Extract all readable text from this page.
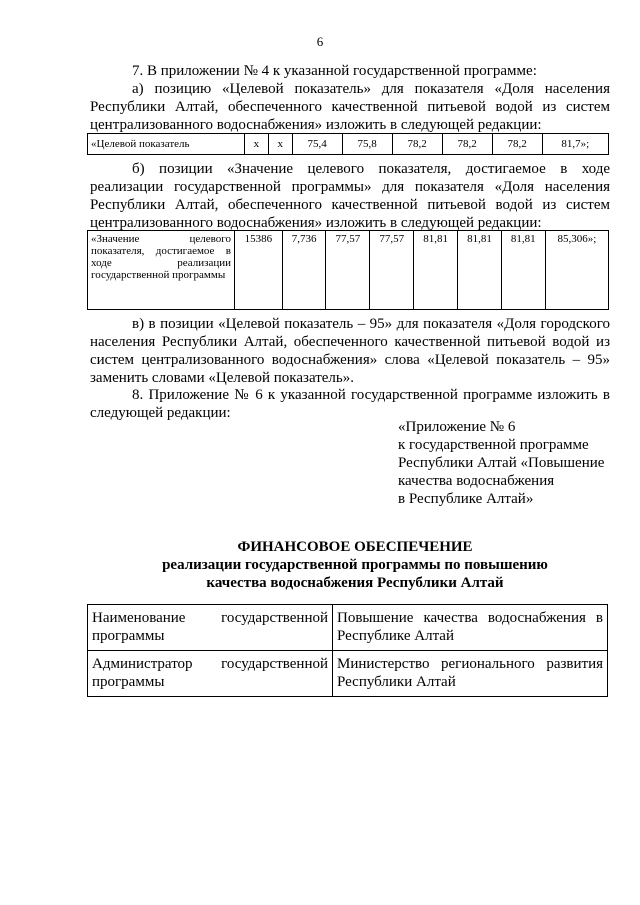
6
7. В приложении № 4 к указанной государственной программе:
а) позицию «Целевой показатель» для показателя «Доля населения Республики Алтай, обеспеченного качественной питьевой водой из систем централизованного водоснабжения» изложить в следующей редакции:
«Целевой показатель	х	х	75,4	75,8	78,2	78,2	78,2	81,7»;
б) позиции «Значение целевого показателя, достигаемое в ходе реализации государственной программы» для показателя «Доля населения Республики Алтай, обеспеченного качественной питьевой водой из систем централизованного водоснабжения» изложить в следующей редакции:
«Значение целевого показателя, достигаемое в ходе реализации государственной программы	15386	7,736	77,57	77,57	81,81	81,81	81,81	85,306»;
в) в позиции «Целевой показатель – 95» для показателя «Доля городского населения Республики Алтай, обеспеченного качественной питьевой водой из систем централизованного водоснабжения» слова «Целевой показатель – 95» заменить словами «Целевой показатель».
8. Приложение № 6 к указанной государственной программе изложить в следующей редакции:
«Приложение № 6
к государственной программе
Республики Алтай «Повышение
качества водоснабжения
в Республике Алтай»
ФИНАНСОВОЕ ОБЕСПЕЧЕНИЕ
реализации государственной программы по повышению
качества водоснабжения Республики Алтай
Наименование государственной программы	Повышение качества водоснабжения в Республике Алтай
Администратор государственной программы	Министерство регионального развития Республики Алтай
